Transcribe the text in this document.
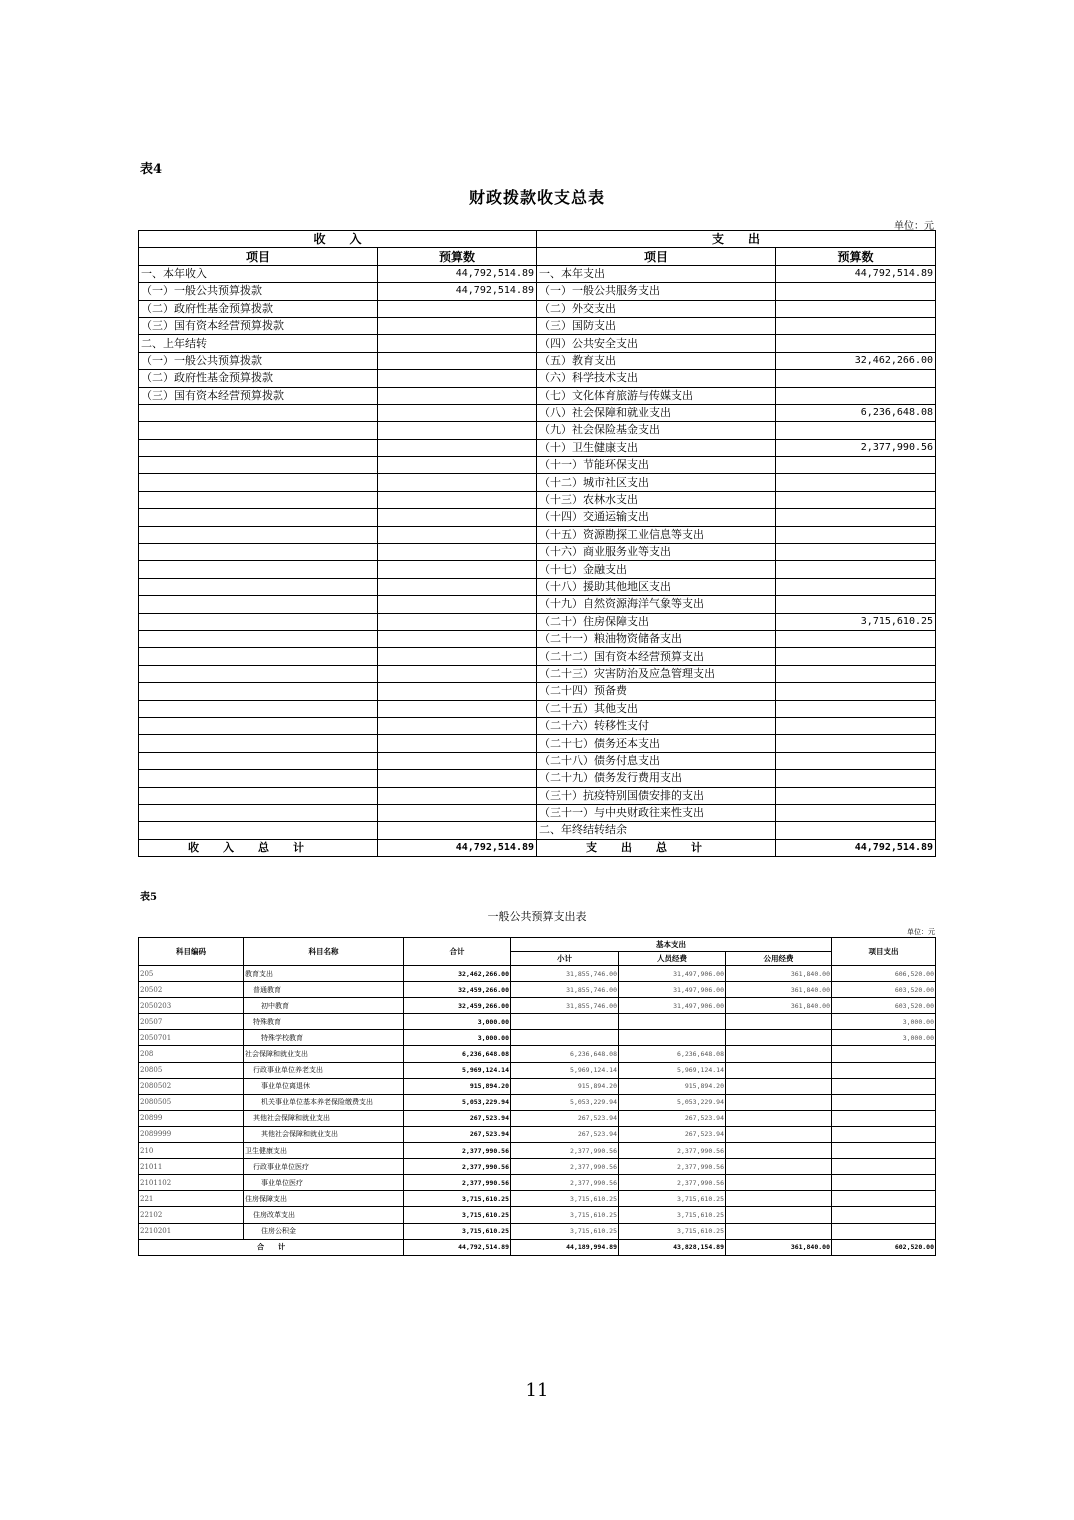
表4
财政拨款收支总表
单位：元
收　　入		支　　出	
项目	预算数	项目	预算数
一、本年收入	44,792,514.89	一、本年支出	44,792,514.89
（一）一般公共预算拨款	44,792,514.89	（一）一般公共服务支出	
（二）政府性基金预算拨款		（二）外交支出	
（三）国有资本经营预算拨款		（三）国防支出	
二、上年结转		（四）公共安全支出	
（一）一般公共预算拨款		（五）教育支出	32,462,266.00
（二）政府性基金预算拨款		（六）科学技术支出	
（三）国有资本经营预算拨款		（七）文化体育旅游与传媒支出	
		（八）社会保障和就业支出	6,236,648.08
		（九）社会保险基金支出	
		（十）卫生健康支出	2,377,990.56
		（十一）节能环保支出	
		（十二）城市社区支出	
		（十三）农林水支出	
		（十四）交通运输支出	
		（十五）资源勘探工业信息等支出	
		（十六）商业服务业等支出	
		（十七）金融支出	
		（十八）援助其他地区支出	
		（十九）自然资源海洋气象等支出	
		（二十）住房保障支出	3,715,610.25
		（二十一）粮油物资储备支出	
		（二十二）国有资本经营预算支出	
		（二十三）灾害防治及应急管理支出	
		（二十四）预备费	
		（二十五）其他支出	
		（二十六）转移性支付	
		（二十七）债务还本支出	
		（二十八）债务付息支出	
		（二十九）债务发行费用支出	
		（三十）抗疫特别国债安排的支出	
		（三十一）与中央财政往来性支出	
		二、年终结转结余	
收入总计	44,792,514.89	支出总计	44,792,514.89
表5
一般公共预算支出表
单位：元
科目编码	科目名称	合计	基本支出			项目支出
			小计	人员经费	公用经费	
205	教育支出	32,462,266.00	31,855,746.00	31,497,906.00	361,840.00	606,520.00
20502	普通教育	32,459,266.00	31,855,746.00	31,497,906.00	361,840.00	603,520.00
2050203	初中教育	32,459,266.00	31,855,746.00	31,497,906.00	361,840.00	603,520.00
20507	特殊教育	3,000.00				3,000.00
2050701	特殊学校教育	3,000.00				3,000.00
208	社会保障和就业支出	6,236,648.08	6,236,648.08	6,236,648.08		
20805	行政事业单位养老支出	5,969,124.14	5,969,124.14	5,969,124.14		
2080502	事业单位离退休	915,894.20	915,894.20	915,894.20		
2080505	机关事业单位基本养老保险缴费支出	5,053,229.94	5,053,229.94	5,053,229.94		
20899	其他社会保障和就业支出	267,523.94	267,523.94	267,523.94		
2089999	其他社会保障和就业支出	267,523.94	267,523.94	267,523.94		
210	卫生健康支出	2,377,990.56	2,377,990.56	2,377,990.56		
21011	行政事业单位医疗	2,377,990.56	2,377,990.56	2,377,990.56		
2101102	事业单位医疗	2,377,990.56	2,377,990.56	2,377,990.56		
221	住房保障支出	3,715,610.25	3,715,610.25	3,715,610.25		
22102	住房改革支出	3,715,610.25	3,715,610.25	3,715,610.25		
2210201	住房公积金	3,715,610.25	3,715,610.25	3,715,610.25		
合　　计		44,792,514.89	44,189,994.89	43,828,154.89	361,840.00	602,520.00
11
